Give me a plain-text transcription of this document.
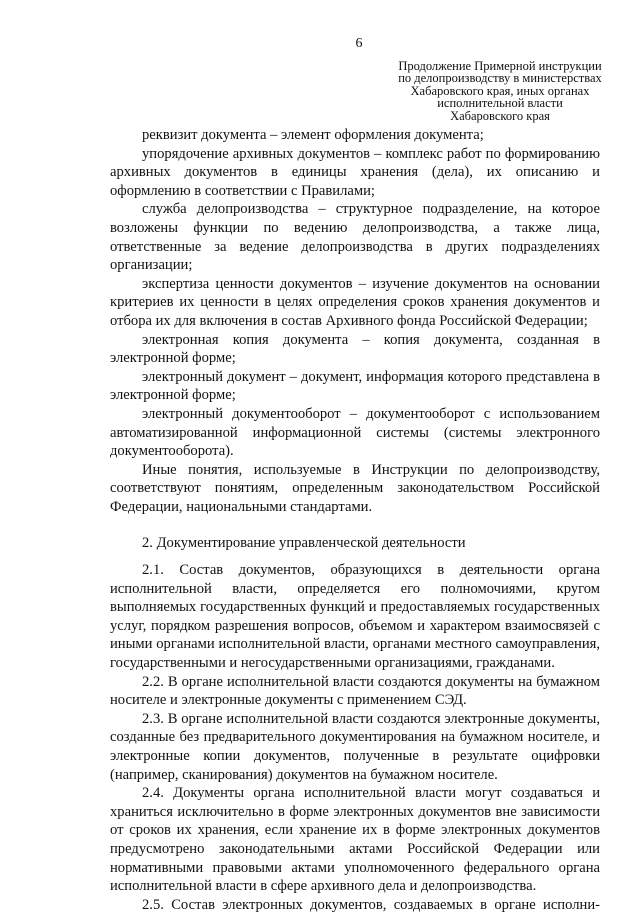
6
Продолжение Примерной инструкции
по делопроизводству в министерствах
Хабаровского края, иных органах
исполнительной власти
Хабаровского края

реквизит документа – элемент оформления документа;

упорядочение архивных документов – комплекс работ по формированию архивных документов в единицы хранения (дела), их описанию и оформлению в соответствии с Правилами;

служба делопроизводства – структурное подразделение, на которое возложены функции по ведению делопроизводства, а также лица, ответственные за ведение делопроизводства в других подразделениях организации;

экспертиза ценности документов – изучение документов на основании критериев их ценности в целях определения сроков хранения документов и отбора их для включения в состав Архивного фонда Российской Федерации;

электронная копия документа – копия документа, созданная в электронной форме;

электронный документ – документ, информация которого представлена в электронной форме;

электронный документооборот – документооборот с использованием автоматизированной информационной системы (системы электронного документооборота).

Иные понятия, используемые в Инструкции по делопроизводству, соответствуют понятиям, определенным законодательством Российской Федерации, национальными стандартами.

2. Документирование управленческой деятельности

2.1. Состав документов, образующихся в деятельности органа исполнительной власти, определяется его полномочиями, кругом выполняемых государственных функций и предоставляемых государственных услуг, порядком разрешения вопросов, объемом и характером взаимосвязей с иными органами исполнительной власти, органами местного самоуправления, государственными и негосударственными организациями, гражданами.

2.2. В органе исполнительной власти создаются документы на бумажном носителе и электронные документы с применением СЭД.

2.3. В органе исполнительной власти создаются электронные документы, созданные без предварительного документирования на бумажном носителе, и электронные копии документов, полученные в результате оцифровки (например, сканирования) документов на бумажном носителе.

2.4. Документы органа исполнительной власти могут создаваться и храниться исключительно в форме электронных документов вне зависимости от сроков их хранения, если хранение их в форме электронных документов предусмотрено законодательными актами Российской Федерации или нормативными правовыми актами уполномоченного федерального органа исполнительной власти в сфере архивного дела и делопроизводства.

2.5. Состав электронных документов, создаваемых в органе исполни-
